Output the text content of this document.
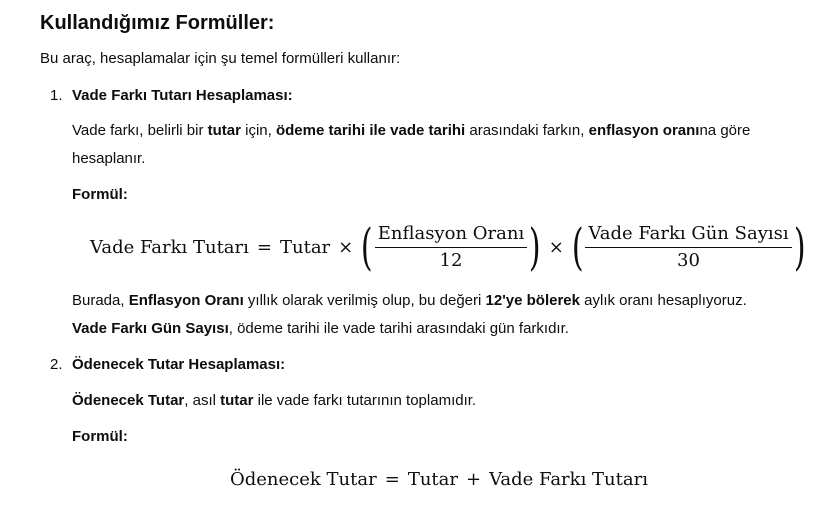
Kullandığımız Formüller:

Bu araç, hesaplamalar için şu temel formülleri kullanır:

1. Vade Farkı Tutarı Hesaplaması:

Vade farkı, belirli bir tutar için, ödeme tarihi ile vade tarihi arasındaki farkın, enflasyon oranına göre

hesaplanır.

Formül:

Vade Farkı Tutarı = Tutar × ( $\frac{\text{Enflasyon Oranı}}{12}$ ) × ( $\frac{\text{Vade Farkı Gün Sayısı}}{30}$ )

Burada, Enflasyon Oranı yıllık olarak verilmiş olup, bu değeri 12'ye bölerek aylık oranı hesaplıyoruz.

Vade Farkı Gün Sayısı, ödeme tarihi ile vade tarihi arasındaki gün farkıdır.

2. Ödenecek Tutar Hesaplaması:

Ödenecek Tutar, asıl tutar ile vade farkı tutarının toplamıdır.

Formül:

Ödenecek Tutar = Tutar + Vade Farkı Tutarı
